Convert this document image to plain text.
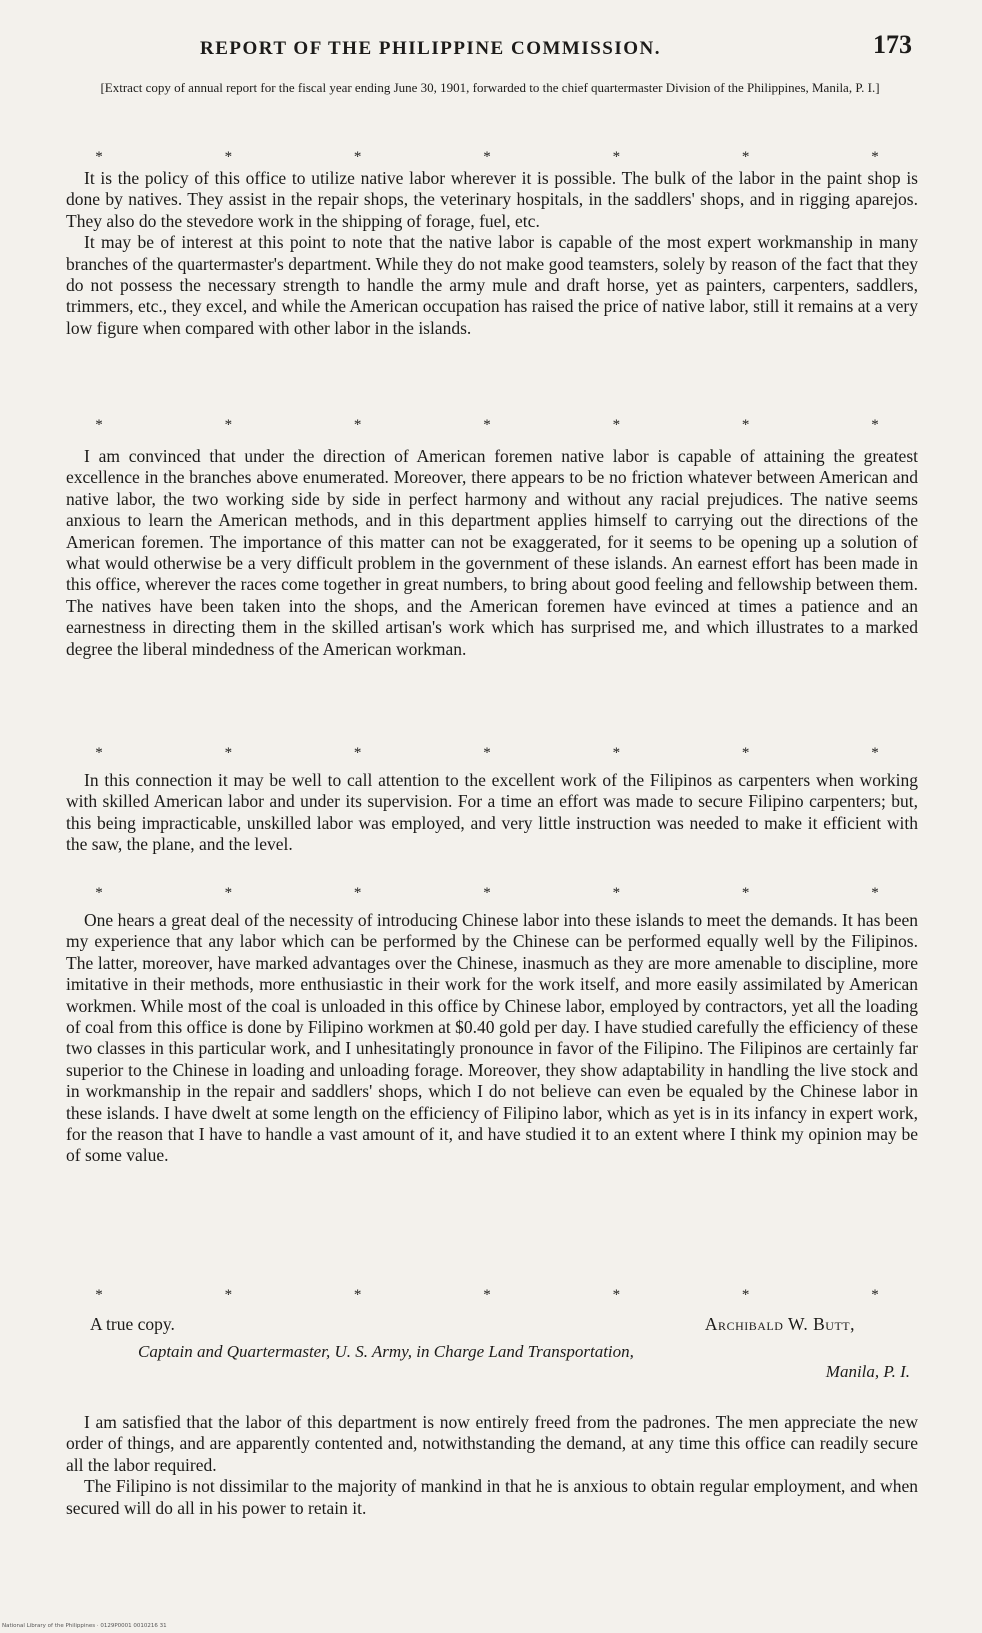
REPORT OF THE PHILIPPINE COMMISSION.	173
[Extract copy of annual report for the fiscal year ending June 30, 1901, forwarded to the chief quartermaster Division of the Philippines, Manila, P. I.]
*	*	*	*	*	*	*

It is the policy of this office to utilize native labor wherever it is possible. The bulk of the labor in the paint shop is done by natives. They assist in the repair shops, the veterinary hospitals, in the saddlers' shops, and in rigging aparejos. They also do the stevedore work in the shipping of forage, fuel, etc.

It may be of interest at this point to note that the native labor is capable of the most expert workmanship in many branches of the quartermaster's department. While they do not make good teamsters, solely by reason of the fact that they do not possess the necessary strength to handle the army mule and draft horse, yet as painters, carpenters, saddlers, trimmers, etc., they excel, and while the American occupation has raised the price of native labor, still it remains at a very low figure when compared with other labor in the islands.

*	*	*	*	*	*	*

I am convinced that under the direction of American foremen native labor is capable of attaining the greatest excellence in the branches above enumerated. Moreover, there appears to be no friction whatever between American and native labor, the two working side by side in perfect harmony and without any racial prejudices. The native seems anxious to learn the American methods, and in this department applies himself to carrying out the directions of the American foremen. The importance of this matter can not be exaggerated, for it seems to be opening up a solution of what would otherwise be a very difficult problem in the government of these islands. An earnest effort has been made in this office, wherever the races come together in great numbers, to bring about good feeling and fellowship between them. The natives have been taken into the shops, and the American foremen have evinced at times a patience and an earnestness in directing them in the skilled artisan's work which has surprised me, and which illustrates to a marked degree the liberal mindedness of the American workman.

*	*	*	*	*	*	*

In this connection it may be well to call attention to the excellent work of the Filipinos as carpenters when working with skilled American labor and under its supervision. For a time an effort was made to secure Filipino carpenters; but, this being impracticable, unskilled labor was employed, and very little instruction was needed to make it efficient with the saw, the plane, and the level.

*	*	*	*	*	*	*

One hears a great deal of the necessity of introducing Chinese labor into these islands to meet the demands. It has been my experience that any labor which can be performed by the Chinese can be performed equally well by the Filipinos. The latter, moreover, have marked advantages over the Chinese, inasmuch as they are more amenable to discipline, more imitative in their methods, more enthusiastic in their work for the work itself, and more easily assimilated by American workmen. While most of the coal is unloaded in this office by Chinese labor, employed by contractors, yet all the loading of coal from this office is done by Filipino workmen at $0.40 gold per day. I have studied carefully the efficiency of these two classes in this particular work, and I unhesitatingly pronounce in favor of the Filipino. The Filipinos are certainly far superior to the Chinese in loading and unloading forage. Moreover, they show adaptability in handling the live stock and in workmanship in the repair and saddlers' shops, which I do not believe can even be equaled by the Chinese labor in these islands. I have dwelt at some length on the efficiency of Filipino labor, which as yet is in its infancy in expert work, for the reason that I have to handle a vast amount of it, and have studied it to an extent where I think my opinion may be of some value.

*	*	*	*	*	*	*
A true copy.	Archibald W. Butt,
Captain and Quartermaster, U. S. Army, in Charge Land Transportation,
Manila, P. I.

I am satisfied that the labor of this department is now entirely freed from the padrones. The men appreciate the new order of things, and are apparently contented and, notwithstanding the demand, at any time this office can readily secure all the labor required.

The Filipino is not dissimilar to the majority of mankind in that he is anxious to obtain regular employment, and when secured will do all in his power to retain it.

National Library of the Philippines · 0129P0001 0010216 31
